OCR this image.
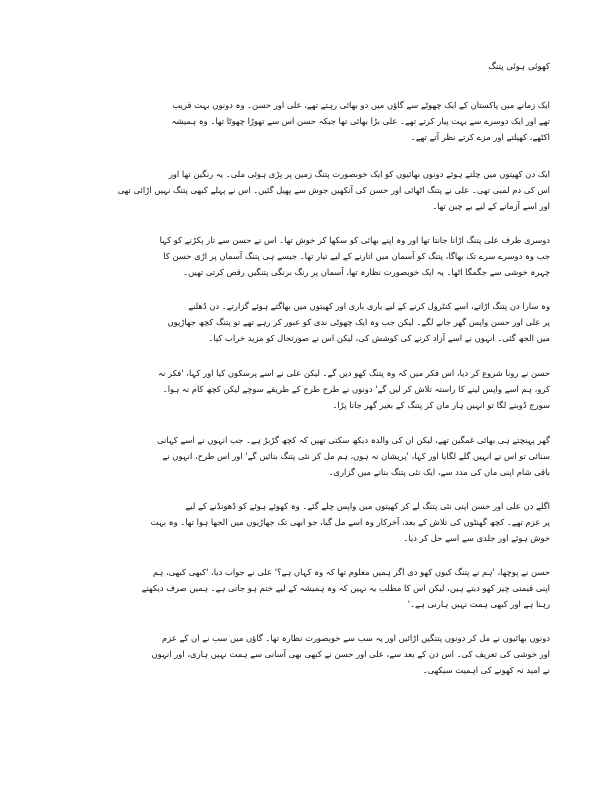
کھوئی ہوئی پتنگ
ایک زمانے میں پاکستان کے ایک چھوٹے سے گاؤں میں دو بھائی رہتے تھے، علی اور حسن۔ وہ دونوں بہت قریب
تھے اور ایک دوسرے سے بہت پیار کرتے تھے۔ علی بڑا بھائی تھا جبکہ حسن اس سے تھوڑا چھوٹا تھا۔ وہ ہمیشہ
اکٹھے، کھیلتے اور مزے کرتے نظر آتے تھے۔
ایک دن کھیتوں میں چلتے ہوئے دونوں بھائیوں کو ایک خوبصورت پتنگ زمین پر پڑی ہوئی ملی۔ یہ رنگین تھا اور
اس کی دم لمبی تھی۔ علی نے پتنگ اٹھائی اور حسن کی آنکھیں جوش سے پھیل گئیں۔ اس نے پہلے کبھی پتنگ نہیں اڑائی تھی
اور اسے آزمانے کے لیے بے چین تھا۔
دوسری طرف علی پتنگ اڑانا جانتا تھا اور وہ اپنے بھائی کو سکھا کر خوش تھا۔ اس نے حسن سے تار پکڑنے کو کہا
جب وہ دوسرے سرے تک بھاگا، پتنگ کو آسمان میں اتارنے کے لیے تیار تھا۔ جیسے ہی پتنگ آسمان پر اڑی حسن کا
چہرہ خوشی سے جگمگا اٹھا۔ یہ ایک خوبصورت نظارہ تھا، آسمان پر رنگ برنگی پتنگیں رقص کرتی تھیں۔
وہ سارا دن پتنگ اڑاتے، اسے کنٹرول کرنے کے لیے باری باری اور کھیتوں میں بھاگتے ہوئے گزارتے۔ دن ڈھلنے
پر علی اور حسن واپس گھر جانے لگے۔ لیکن جب وہ ایک چھوٹی ندی کو عبور کر رہے تھے تو پتنگ کچھ جھاڑیوں
میں الجھ گئی۔ انہوں نے اسے آزاد کرنے کی کوشش کی، لیکن اس نے صورتحال کو مزید خراب کیا۔
حسن نے رونا شروع کر دیا، اس فکر میں کہ وہ پتنگ کھو دیں گے۔ لیکن علی نے اسے پرسکون کیا اور کہا، 'فکر نہ
کرو، ہم اسے واپس لینے کا راستہ تلاش کر لیں گے' دونوں نے طرح طرح کے طریقے سوچے لیکن کچھ کام نہ ہوا۔
سورج ڈوبنے لگا تو انہیں ہار مان کر پتنگ کے بغیر گھر جانا پڑا۔
گھر پہنچتے ہی بھائی غمگین تھے، لیکن ان کی والدہ دیکھ سکتی تھیں کہ کچھ گڑبڑ ہے۔ جب انہوں نے اسے کہانی
سنائی تو اس نے انہیں گلے لگایا اور کہا، 'پریشان نہ ہوں، ہم مل کر نئی پتنگ بنائیں گے' اور اس طرح، انہوں نے
باقی شام اپنی ماں کی مدد سے، ایک نئی پتنگ بنانے میں گزاری۔
اگلے دن علی اور حسن اپنی نئی پتنگ لے کر کھیتوں میں واپس چلے گئے۔ وہ کھوئے ہوئے کو ڈھونڈنے کے لیے
پر عزم تھے۔ کچھ گھنٹوں کی تلاش کے بعد، آخرکار وہ اسے مل گیا، جو ابھی تک جھاڑیوں میں الجھا ہوا تھا۔ وہ بہت
خوش ہوئے اور جلدی سے اسے حل کر دیا۔
حسن نے پوچھا، 'ہم نے پتنگ کیوں کھو دی اگر ہمیں معلوم تھا کہ وہ کہاں ہے؟' علی نے جواب دیا، 'کبھی کبھی، ہم
اپنی قیمتی چیز کھو دیتے ہیں، لیکن اس کا مطلب یہ نہیں کہ وہ ہمیشہ کے لیے ختم ہو جاتی ہے۔ ہمیں صرف دیکھتے
رہنا ہے اور کبھی ہمت نہیں ہارنی ہے۔'
دونوں بھائیوں نے مل کر دونوں پتنگیں اڑائیں اور یہ سب سے خوبصورت نظارہ تھا۔ گاؤں میں سب نے ان کے عزم
اور خوشی کی تعریف کی۔ اس دن کے بعد سے، علی اور حسن نے کبھی بھی آسانی سے ہمت نہیں ہاری، اور انہوں
نے امید نہ کھونے کی اہمیت سیکھی۔
